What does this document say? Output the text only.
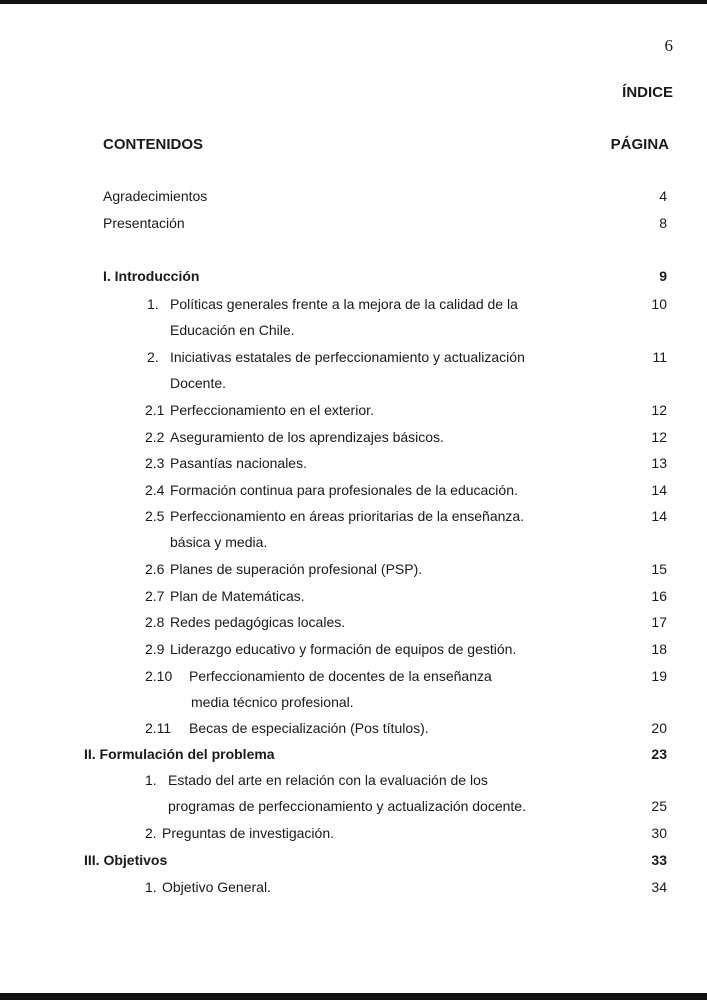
6
ÍNDICE
CONTENIDOS	PÁGINA
Agradecimientos	4
Presentación	8
I. Introducción	9
1. Políticas generales frente a la mejora de la calidad de la	10
Educación en Chile.
2. Iniciativas estatales de perfeccionamiento y actualización	11
Docente.
2.1 Perfeccionamiento en el exterior.	12
2.2 Aseguramiento de los aprendizajes básicos.	12
2.3 Pasantías nacionales.	13
2.4 Formación continua para profesionales de la educación.	14
2.5 Perfeccionamiento en áreas prioritarias de la enseñanza.	14
básica y media.
2.6 Planes de superación profesional (PSP).	15
2.7 Plan de Matemáticas.	16
2.8 Redes pedagógicas locales.	17
2.9 Liderazgo educativo y formación de equipos de gestión.	18
2.10 Perfeccionamiento de docentes de la enseñanza	19
media técnico profesional.
2.11 Becas de especialización (Pos títulos).	20
II. Formulación del problema	23
1. Estado del arte en relación con la evaluación de los
programas de perfeccionamiento y actualización docente.	25
2. Preguntas de investigación.	30
III. Objetivos	33
1. Objetivo General.	34
